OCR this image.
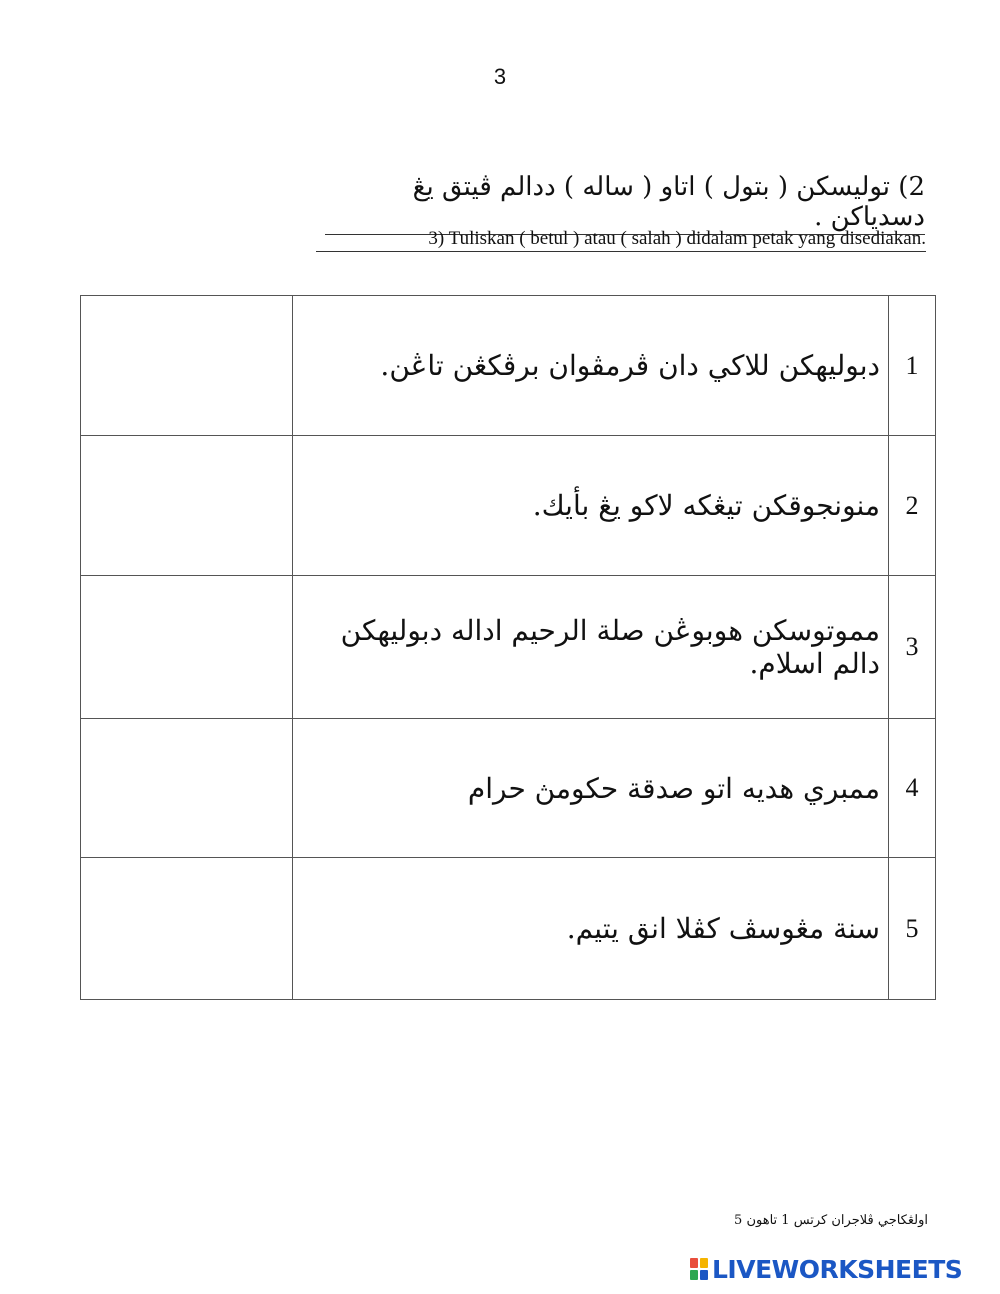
3
2) توليسكن ( بتول ) اتاو ( ساله ) ددالم ڤيتق يڠ دسدياكن .
3) Tuliskan ( betul ) atau ( salah ) didalam petak yang disediakan.
	دبوليهكن للاكي دان ڤرمڤوان برڤكڠن تاڠن.	1
	منونجوقكن تيڠكه لاكو يڠ بأيك.	2
	مموتوسكن هوبوڠن صلة الرحيم اداله دبوليهكن دالم اسلام.	3
	ممبري هديه اتو صدقة حكومڽ حرام	4
	سنة مڠوسڤ كڤلا انق يتيم.	5
اولڠكاجي ڤلاجران كرتس 1 تاهون 5
LIVEWORKSHEETS
